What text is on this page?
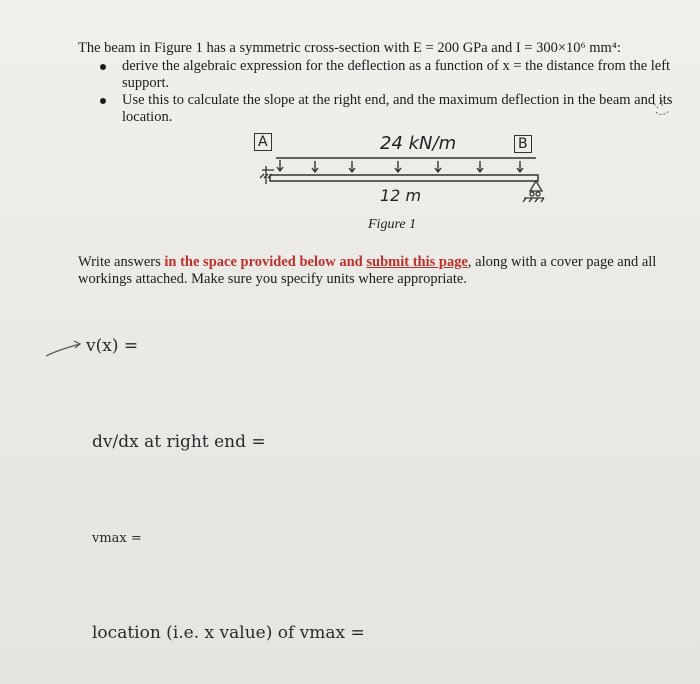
The beam in Figure 1 has a symmetric cross-section with E = 200 GPa and I = 300×10⁶ mm⁴:
derive the algebraic expression for the deflection as a function of x = the distance from the left support.
Use this to calculate the slope at the right end, and the maximum deflection in the beam and its location.
A	B
24 kN/m
12 m
Figure 1
Write answers in the space provided below and submit this page, along with a cover page and all workings attached. Make sure you specify units where appropriate.
v(x) =
dv/dx at right end =
vmax =
location (i.e. x value) of vmax =
